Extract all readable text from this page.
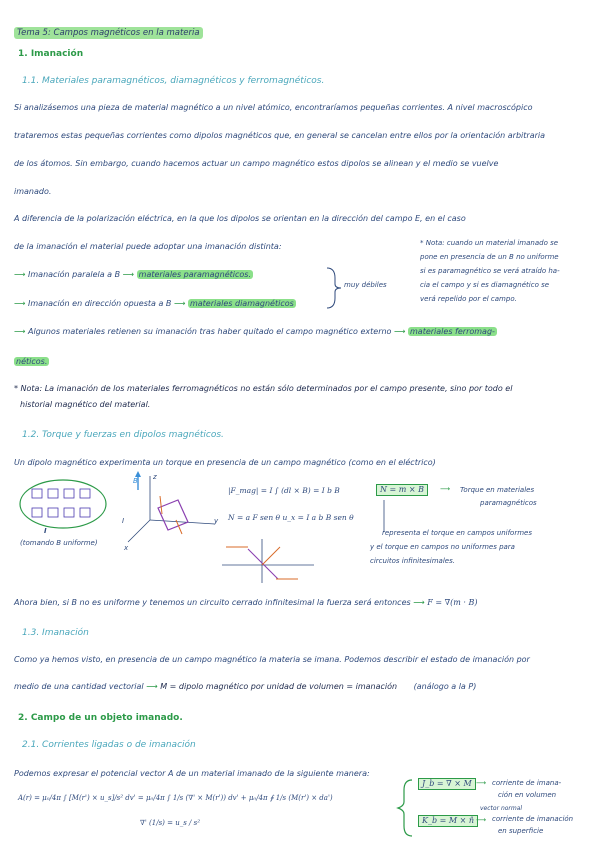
Tema 5: Campos magnéticos en la materia
1. Imanación
1.1. Materiales paramagnéticos, diamagnéticos y ferromagnéticos.
Si analizásemos una pieza de material magnético a un nivel atómico, encontraríamos pequeñas corrientes. A nivel macroscópico
trataremos estas pequeñas corrientes como dipolos magnéticos que, en general se cancelan entre ellos por la orientación arbitraria
de los átomos. Sin embargo, cuando hacemos actuar un campo magnético estos dipolos se alinean y el medio se vuelve
imanado.
A diferencia de la polarización eléctrica, en la que los dipolos se orientan en la dirección del campo E, en el caso
de la imanación el material puede adoptar una imanación distinta:	* Nota: cuando un material imanado se
pone en presencia de un B no uniforme
si es paramagnético se verá atraído ha-
cia el campo y si es diamagnético se
verá repelido por el campo.
⟶ Imanación paralela a B ⟶ materiales paramagnéticos.
⟶ Imanación en dirección opuesta a B ⟶ materiales diamagnéticos
muy débiles
⟶ Algunos materiales retienen su imanación tras haber quitado el campo magnético externo ⟶ materiales ferromag-
néticos.
* Nota: La imanación de los materiales ferromagnéticos no están sólo determinados por el campo presente, sino por todo el
historial magnético del material.
1.2. Torque y fuerzas en dipolos magnéticos.
Un dipolo magnético experimenta un torque en presencia de un campo magnético (como en el eléctrico)
I
(tomando B uniforme)
B z
I
x
y
|F_mag| = I ∫ (dl × B) = I b B
N = a F sen θ u_x = I a b B sen θ
N = m × B	⟶ Torque en materiales
paramagnéticos
representa el torque en campos uniformes
y el torque en campos no uniformes para
circuitos infinitesimales.
Ahora bien, si B no es uniforme y tenemos un circuito cerrado infinitesimal la fuerza será entonces ⟶ F = ∇(m · B)
1.3. Imanación
Como ya hemos visto, en presencia de un campo magnético la materia se imana. Podemos describir el estado de imanación por
medio de una cantidad vectorial ⟶ M = dipolo magnético por unidad de volumen = imanación (análogo a la P)
2. Campo de un objeto imanado.
2.1. Corrientes ligadas o de imanación
Podemos expresar el potencial vector A de un material imanado de la siguiente manera:
A(r) = μ₀/4π ∫ [M(r') × u_s]/s² dv' = μ₀/4π ∫ 1/s (∇' × M(r')) dv' + μ₀/4π ∮ 1/s (M(r') × da')
∇' (1/s) = u_s / s²
J_b = ∇ × M ⟶ corriente de imana-
ción en volumen
vector normal
K_b = M × n̂ ⟶ corriente de imanación
en superficie
